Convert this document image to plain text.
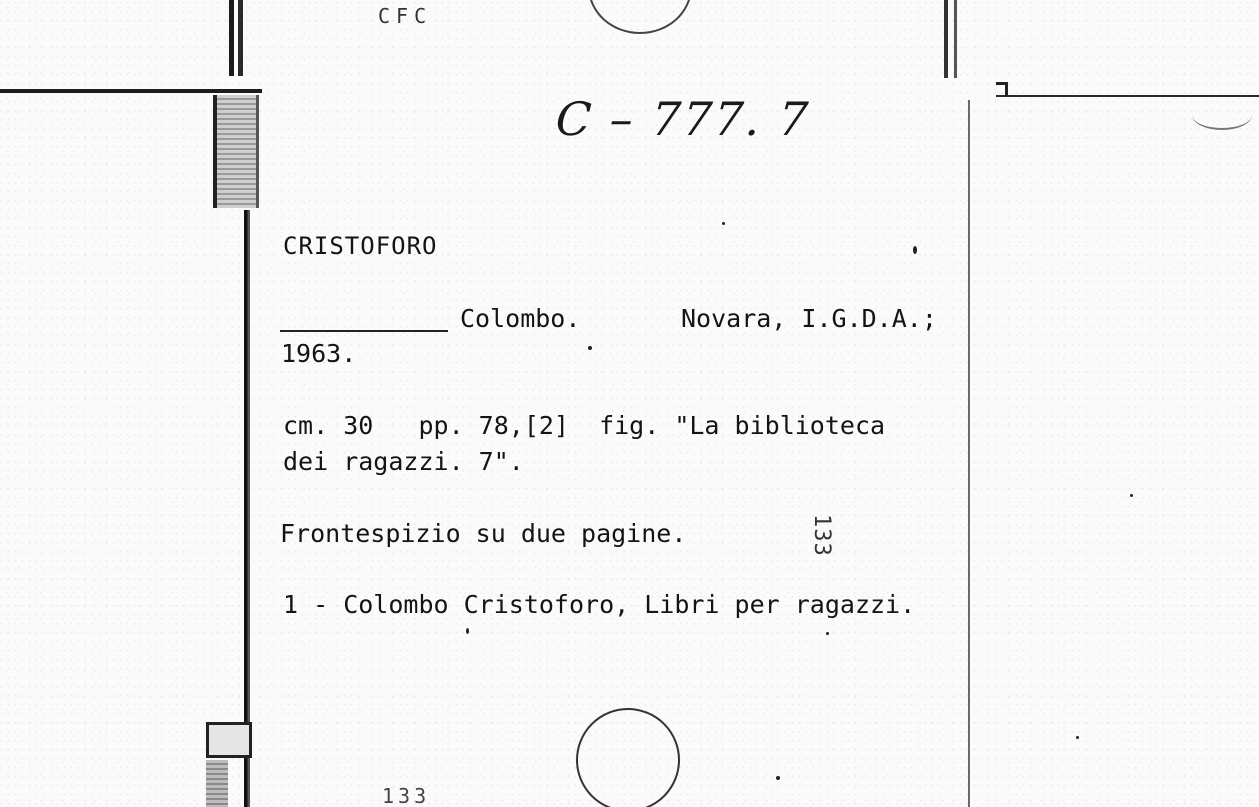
CFC
133
C – 777. 7
CRISTOFORO
Colombo.	Novara, I.G.D.A.;
1963.
cm. 30   pp. 78,[2]  fig. "La biblioteca
dei ragazzi. 7".
Frontespizio su due pagine.	133
1 - Colombo Cristoforo, Libri per ragazzi.
